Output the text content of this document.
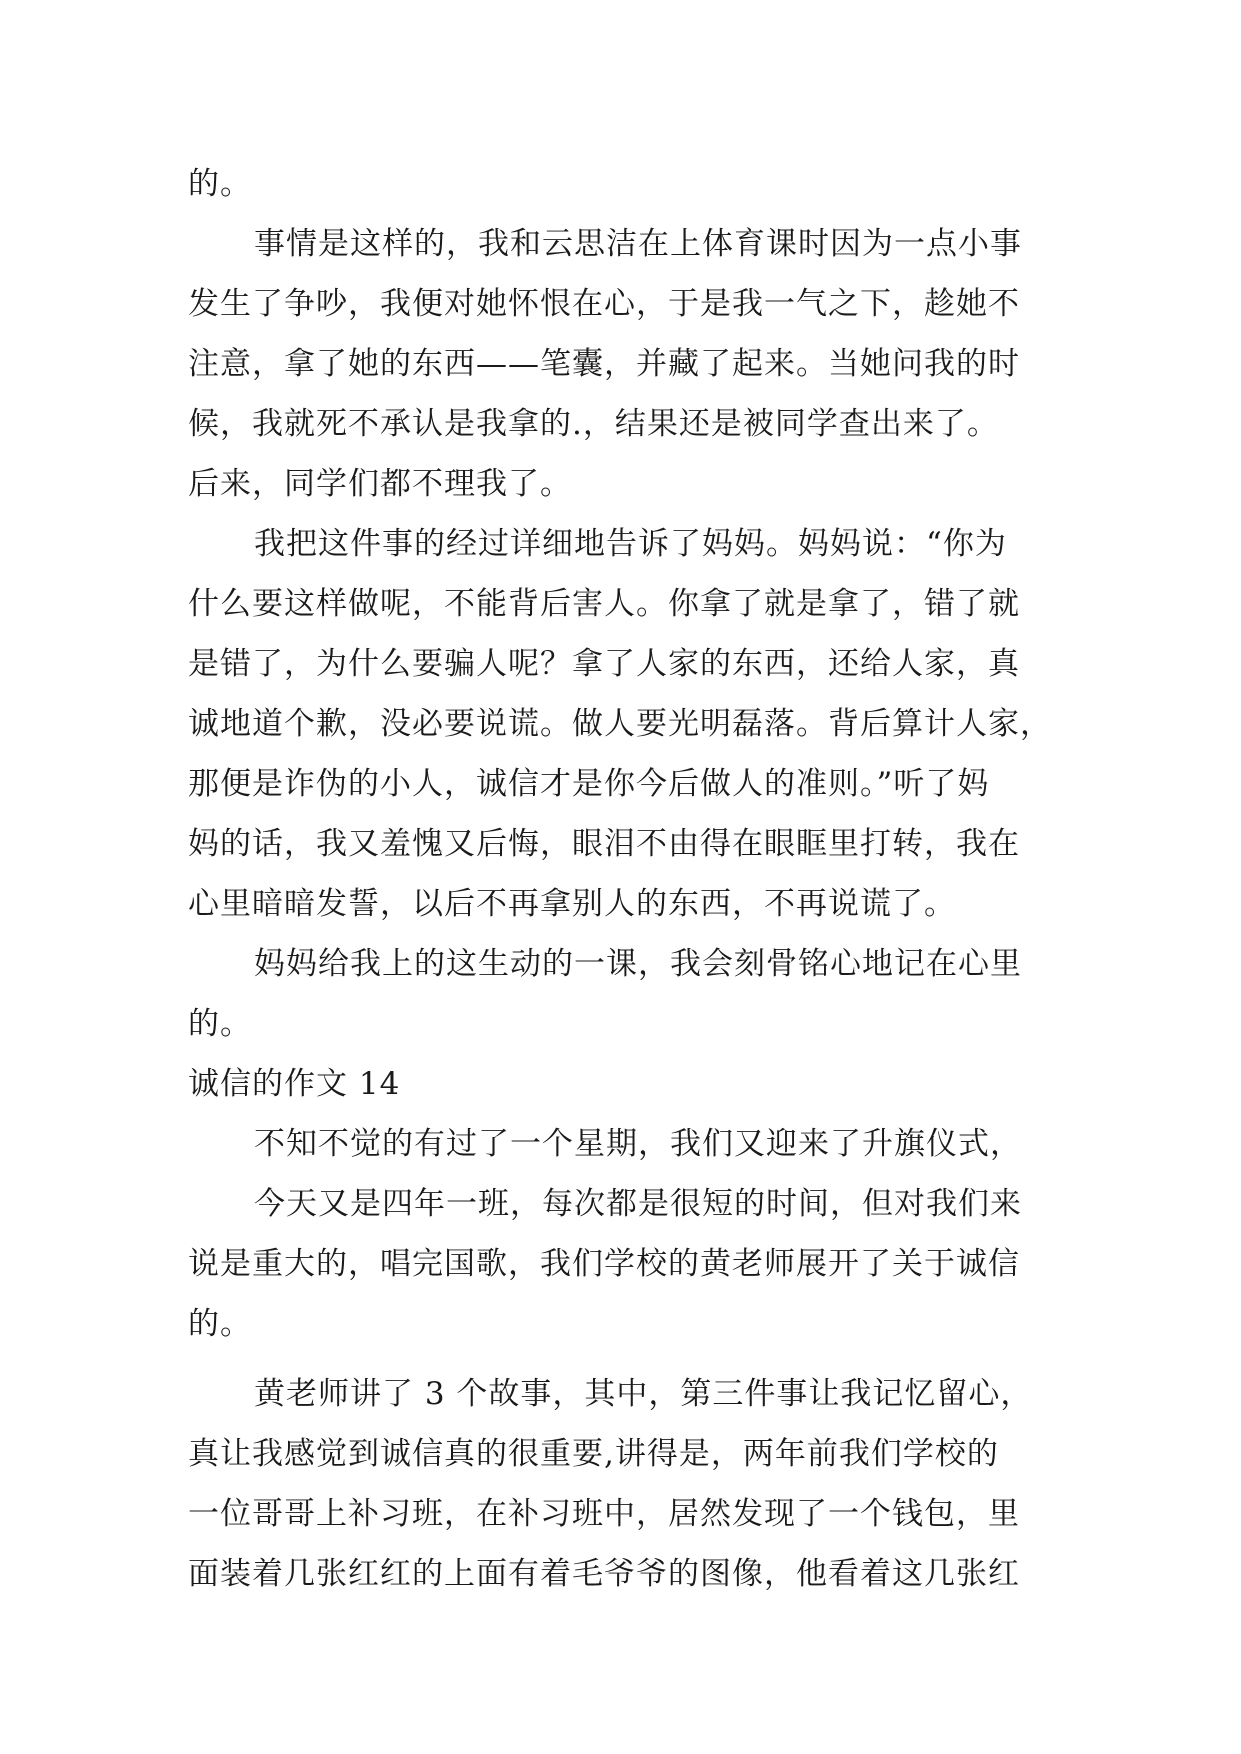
的。
事情是这样的，我和云思洁在上体育课时因为一点小事
发生了争吵，我便对她怀恨在心，于是我一气之下，趁她不
注意，拿了她的东西——笔囊，并藏了起来。当她问我的时
候，我就死不承认是我拿的.，结果还是被同学查出来了。
后来，同学们都不理我了。
我把这件事的经过详细地告诉了妈妈。妈妈说：“你为
什么要这样做呢，不能背后害人。你拿了就是拿了，错了就
是错了，为什么要骗人呢？拿了人家的东西，还给人家，真
诚地道个歉，没必要说谎。做人要光明磊落。背后算计人家，
那便是诈伪的小人，诚信才是你今后做人的准则。”听了妈
妈的话，我又羞愧又后悔，眼泪不由得在眼眶里打转，我在
心里暗暗发誓，以后不再拿别人的东西，不再说谎了。
妈妈给我上的这生动的一课，我会刻骨铭心地记在心里
的。
诚信的作文 14
不知不觉的有过了一个星期，我们又迎来了升旗仪式，
今天又是四年一班，每次都是很短的时间，但对我们来
说是重大的，唱完国歌，我们学校的黄老师展开了关于诚信
的。
黄老师讲了 3 个故事，其中，第三件事让我记忆留心，
真让我感觉到诚信真的很重要,讲得是，两年前我们学校的
一位哥哥上补习班，在补习班中，居然发现了一个钱包，里
面装着几张红红的上面有着毛爷爷的图像，他看着这几张红
